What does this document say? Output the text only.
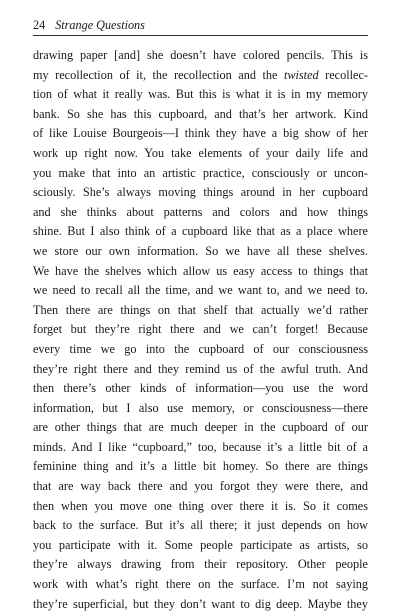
24 Strange Questions
drawing paper [and] she doesn’t have colored pencils. This is
my recollection of it, the recollection and the twisted recollec-
tion of what it really was. But this is what it is in my memory
bank. So she has this cupboard, and that’s her artwork. Kind
of like Louise Bourgeois—I think they have a big show of her
work up right now. You take elements of your daily life and
you make that into an artistic practice, consciously or uncon-
sciously. She’s always moving things around in her cupboard
and she thinks about patterns and colors and how things
shine. But I also think of a cupboard like that as a place where
we store our own information. So we have all these shelves.
We have the shelves which allow us easy access to things that
we need to recall all the time, and we want to, and we need to.
Then there are things on that shelf that actually we’d rather
forget but they’re right there and we can’t forget! Because
every time we go into the cupboard of our consciousness
they’re right there and they remind us of the awful truth. And
then there’s other kinds of information—you use the word
information, but I also use memory, or consciousness—there
are other things that are much deeper in the cupboard of our
minds. And I like “cupboard,” too, because it’s a little bit of a
feminine thing and it’s a little bit homey. So there are things
that are way back there and you forgot they were there, and
then when you move one thing over there it is. So it comes
back to the surface. But it’s all there; it just depends on how
you participate with it. Some people participate as artists, so
they’re always drawing from their repository. Other people
work with what’s right there on the surface. I’m not saying
they’re superficial, but they don’t want to dig deep. Maybe they
